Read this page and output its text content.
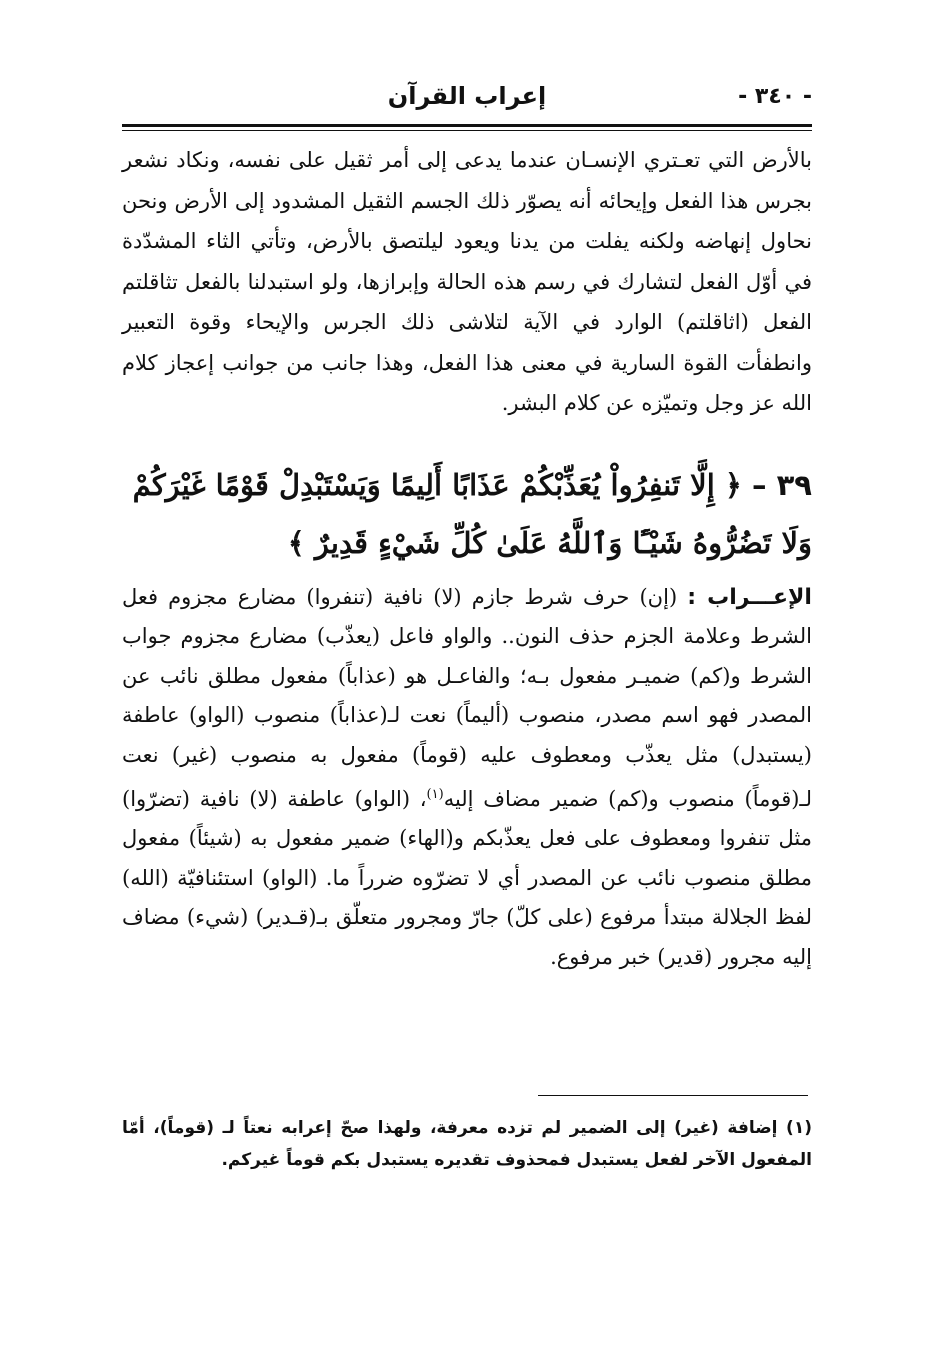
إعراب القرآن	- ٣٤٠ -
بالأرض التي تعـتري الإنسـان عندما يدعى إلى أمر ثقيل على نفسه، ونكاد نشعر بجرس هذا الفعل وإيحائه أنه يصوّر ذلك الجسم الثقيل المشدود إلى الأرض ونحن نحاول إنهاضه ولكنه يفلت من يدنا ويعود ليلتصق بالأرض، وتأتي الثاء المشدّدة في أوّل الفعل لتشارك في رسم هذه الحالة وإبرازها، ولو استبدلنا بالفعل تثاقلتم الفعل (اثاقلتم) الوارد في الآية لتلاشى ذلك الجرس والإيحاء وقوة التعبير وانطفأت القوة السارية في معنى هذا الفعل، وهذا جانب من جوانب إعجاز كلام الله عز وجل وتميّزه عن كلام البشر.
٣٩ – ﴿ إِلَّا تَنفِرُواْ يُعَذِّبْكُمْ عَذَابًا أَلِيمًا وَيَسْتَبْدِلْ قَوْمًا غَيْرَكُمْ وَلَا تَضُرُّوهُ شَيْـًٔا وَٱللَّهُ عَلَىٰ كُلِّ شَيْءٍ قَدِيرٌ ﴾
الإعـــراب : (إن) حرف شرط جازم (لا) نافية (تنفروا) مضارع مجزوم فعل الشرط وعلامة الجزم حذف النون.. والواو فاعل (يعذّب) مضارع مجزوم جواب الشرط و(كم) ضميـر مفعول بـه؛ والفاعـل هو (عذاباً) مفعول مطلق نائب عن المصدر فهو اسم مصدر، منصوب (أليماً) نعت لـ(عذاباً) منصوب (الواو) عاطفة (يستبدل) مثل يعذّب ومعطوف عليه (قوماً) مفعول به منصوب (غير) نعت لـ(قوماً) منصوب و(كم) ضمير مضاف إليه$^{(١)}$، (الواو) عاطفة (لا) نافية (تضرّوا) مثل تنفروا ومعطوف على فعل يعذّبكم و(الهاء) ضمير مفعول به (شيئاً) مفعول مطلق منصوب نائب عن المصدر أي لا تضرّوه ضرراً ما. (الواو) استئنافيّة (الله) لفظ الجلالة مبتدأ مرفوع (على كلّ) جارّ ومجرور متعلّق بـ(قـدير) (شيء) مضاف إليه مجرور (قدير) خبر مرفوع.
(١) إضافة (غير) إلى الضمير لم تزده معرفة، ولهذا صحّ إعرابه نعتاً لـ (قوماً)، أمّا المفعول الآخر لفعل يستبدل فمحذوف تقديره يستبدل بكم قوماً غيركم.
